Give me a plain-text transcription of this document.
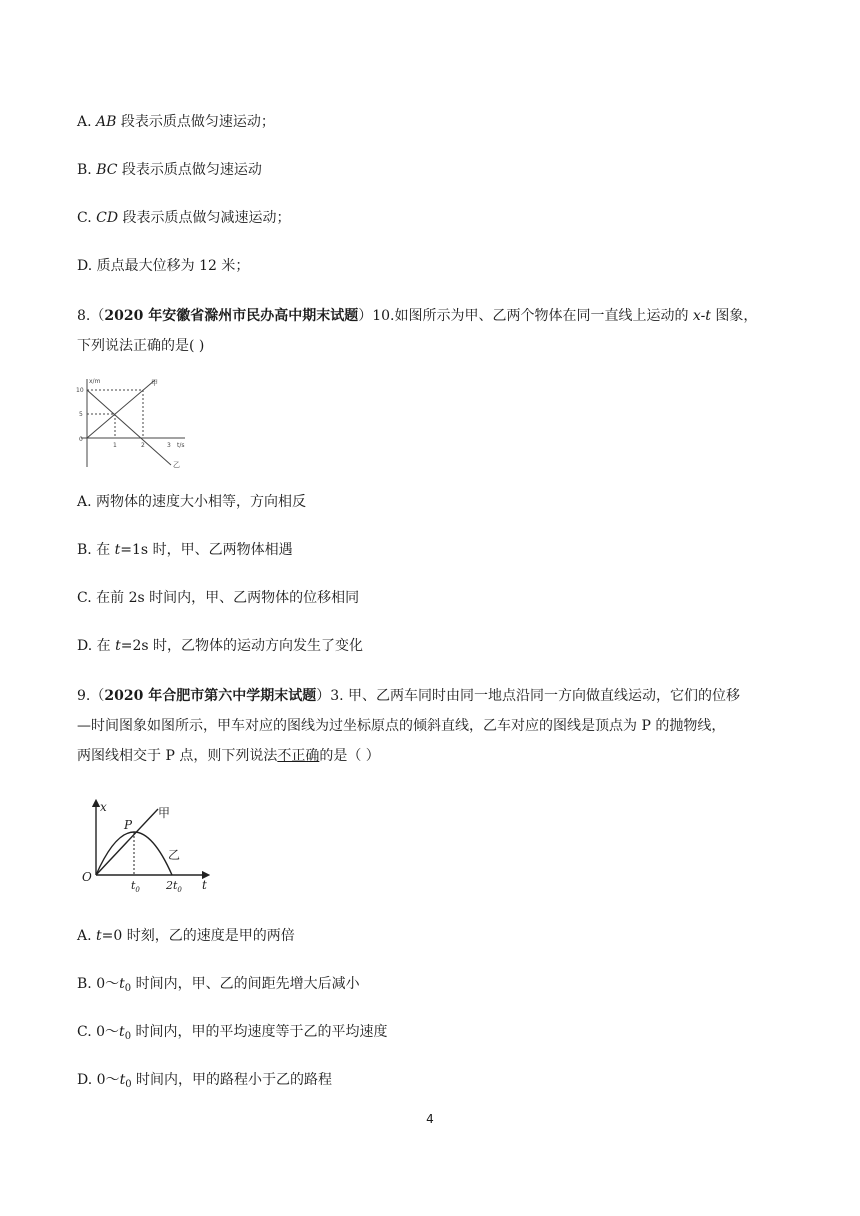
A. AB 段表示质点做匀速运动；
B. BC 段表示质点做匀速运动
C. CD 段表示质点做匀减速运动；
D. 质点最大位移为 12 米；
8.（2020 年安徽省滁州市民办高中期末试题）10.如图所示为甲、乙两个物体在同一直线上运动的 x-t 图象，
下列说法正确的是( )
x/m
10
5
0
1	2	3 t/s
甲
乙
A. 两物体的速度大小相等，方向相反
B. 在 t=1s 时，甲、乙两物体相遇
C. 在前 2s 时间内，甲、乙两物体的位移相同
D. 在 t=2s 时，乙物体的运动方向发生了变化
9.（2020 年合肥市第六中学期末试题）3. 甲、乙两车同时由同一地点沿同一方向做直线运动，它们的位移
—时间图象如图所示，甲车对应的图线为过坐标原点的倾斜直线，乙车对应的图线是顶点为 P 的抛物线，
两图线相交于 P 点，则下列说法不正确的是（ ）
x
t
O
P
甲
乙
$t_0$ $2t_0$
A. t=0 时刻，乙的速度是甲的两倍
B. $0\sim t_0$ 时间内，甲、乙的间距先增大后减小
C. $0\sim t_0$ 时间内，甲的平均速度等于乙的平均速度
D. $0\sim t_0$ 时间内，甲的路程小于乙的路程
4
